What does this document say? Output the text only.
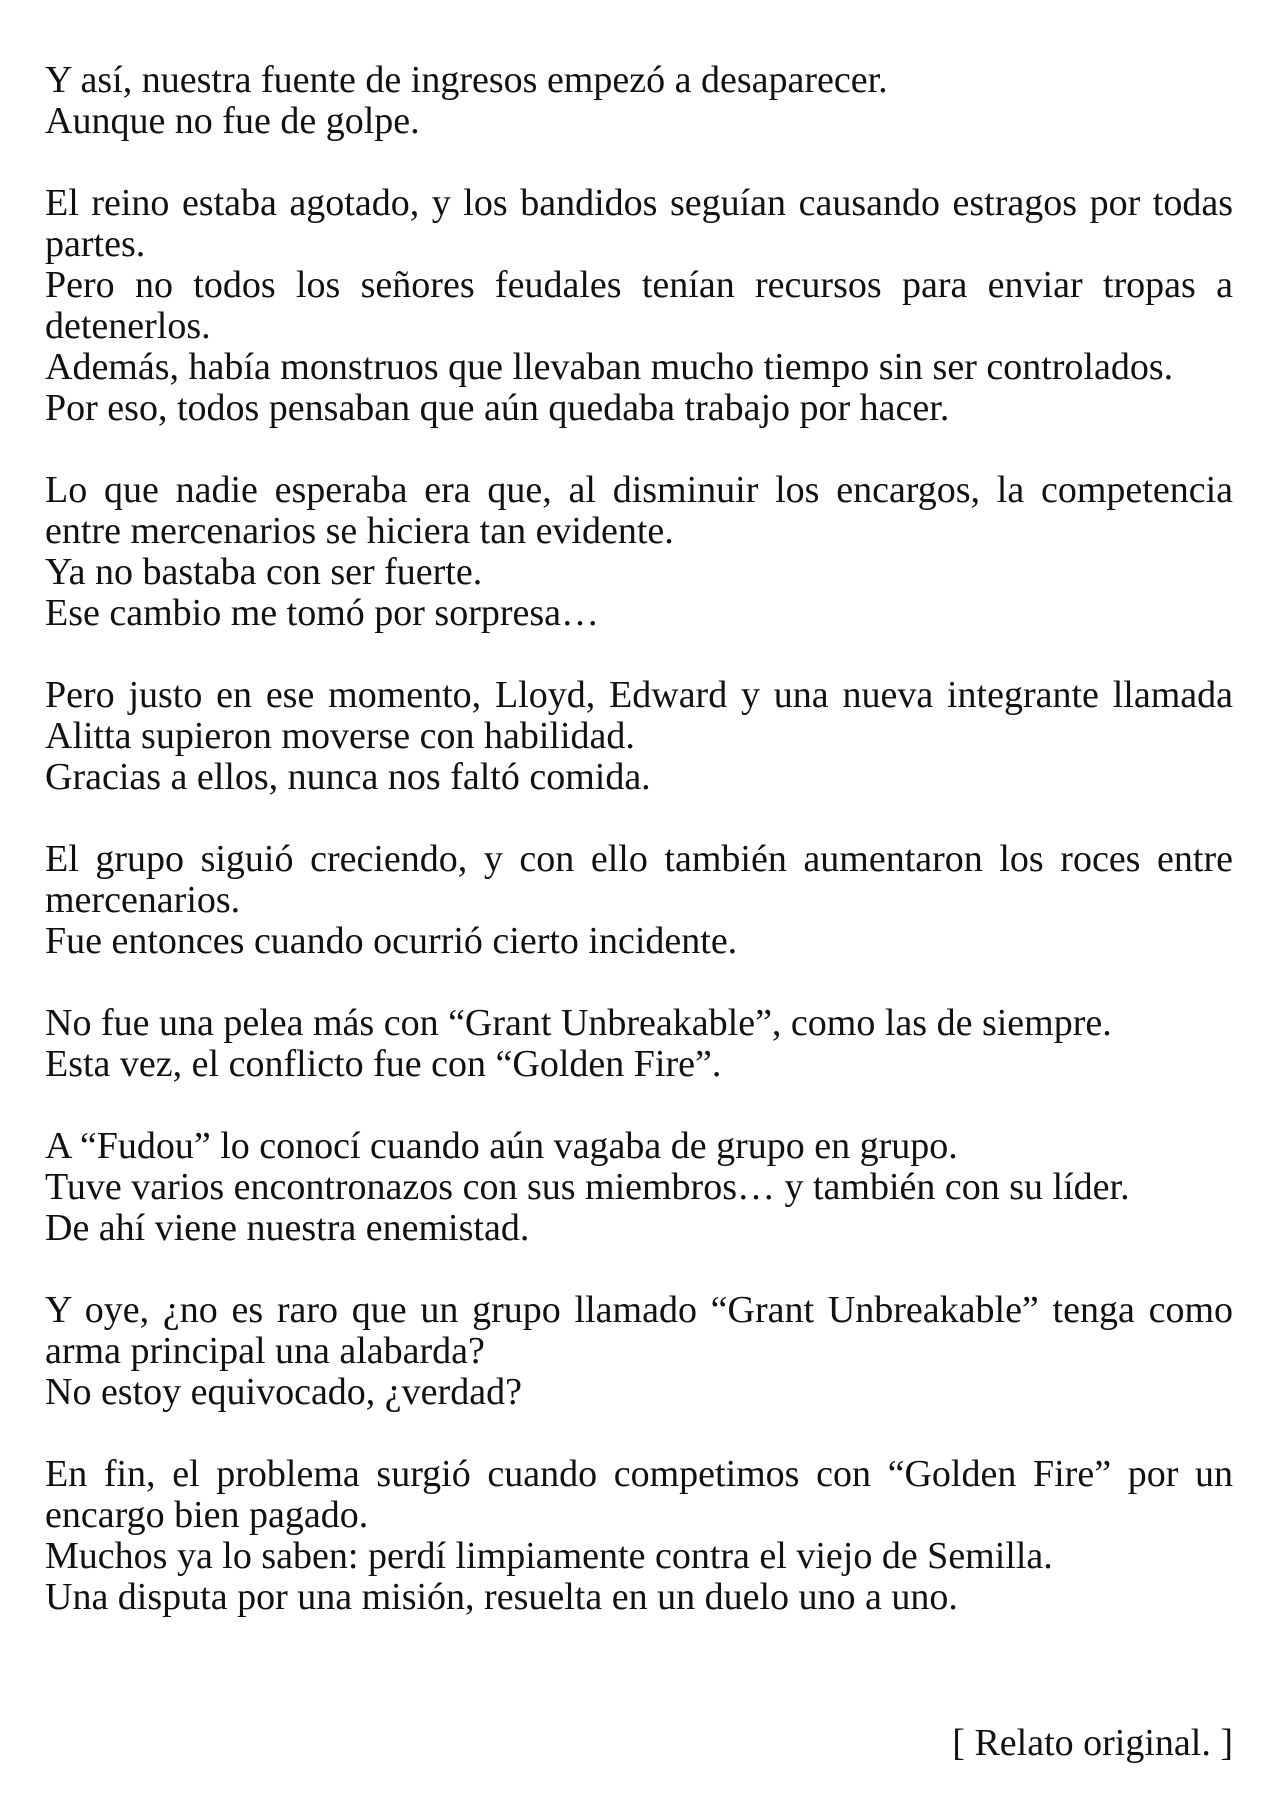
Y así, nuestra fuente de ingresos empezó a desaparecer.
Aunque no fue de golpe.
El reino estaba agotado, y los bandidos seguían causando estragos por todas partes.
Pero no todos los señores feudales tenían recursos para enviar tropas a detenerlos.
Además, había monstruos que llevaban mucho tiempo sin ser controlados.
Por eso, todos pensaban que aún quedaba trabajo por hacer.
Lo que nadie esperaba era que, al disminuir los encargos, la competencia entre mercenarios se hiciera tan evidente.
Ya no bastaba con ser fuerte.
Ese cambio me tomó por sorpresa…
Pero justo en ese momento, Lloyd, Edward y una nueva integrante llamada Alitta supieron moverse con habilidad.
Gracias a ellos, nunca nos faltó comida.
El grupo siguió creciendo, y con ello también aumentaron los roces entre mercenarios.
Fue entonces cuando ocurrió cierto incidente.
No fue una pelea más con “Grant Unbreakable”, como las de siempre.
Esta vez, el conflicto fue con “Golden Fire”.
A “Fudou” lo conocí cuando aún vagaba de grupo en grupo.
Tuve varios encontronazos con sus miembros… y también con su líder.
De ahí viene nuestra enemistad.
Y oye, ¿no es raro que un grupo llamado “Grant Unbreakable” tenga como arma principal una alabarda?
No estoy equivocado, ¿verdad?
En fin, el problema surgió cuando competimos con “Golden Fire” por un encargo bien pagado.
Muchos ya lo saben: perdí limpiamente contra el viejo de Semilla.
Una disputa por una misión, resuelta en un duelo uno a uno.

[ Relato original. ]
